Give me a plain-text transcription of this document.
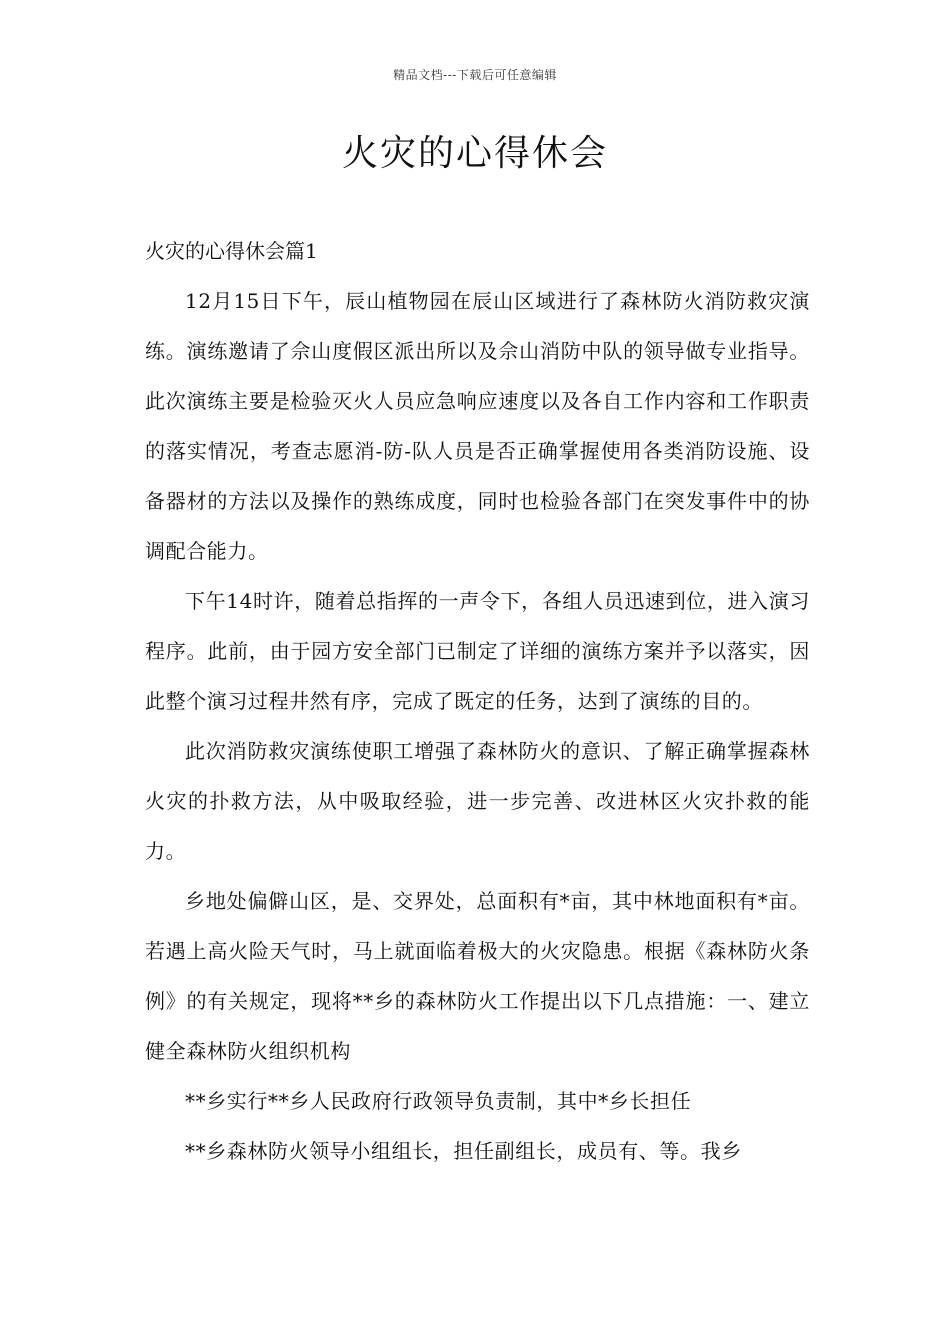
精品文档---下载后可任意编辑
火灾的心得休会

火灾的心得休会篇1

12月15日下午，辰山植物园在辰山区域进行了森林防火消防救灾演练。演练邀请了佘山度假区派出所以及佘山消防中队的领导做专业指导。此次演练主要是检验灭火人员应急响应速度以及各自工作内容和工作职责的落实情况，考查志愿消-防-队人员是否正确掌握使用各类消防设施、设备器材的方法以及操作的熟练成度，同时也检验各部门在突发事件中的协调配合能力。

下午14时许，随着总指挥的一声令下，各组人员迅速到位，进入演习程序。此前，由于园方安全部门已制定了详细的演练方案并予以落实，因此整个演习过程井然有序，完成了既定的任务，达到了演练的目的。

此次消防救灾演练使职工增强了森林防火的意识、了解正确掌握森林火灾的扑救方法，从中吸取经验，进一步完善、改进林区火灾扑救的能力。

乡地处偏僻山区，是、交界处，总面积有*亩，其中林地面积有*亩。若遇上高火险天气时，马上就面临着极大的火灾隐患。根据《森林防火条例》的有关规定，现将**乡的森林防火工作提出以下几点措施：一、建立健全森林防火组织机构

**乡实行**乡人民政府行政领导负责制，其中*乡长担任

**乡森林防火领导小组组长，担任副组长，成员有、等。我乡
